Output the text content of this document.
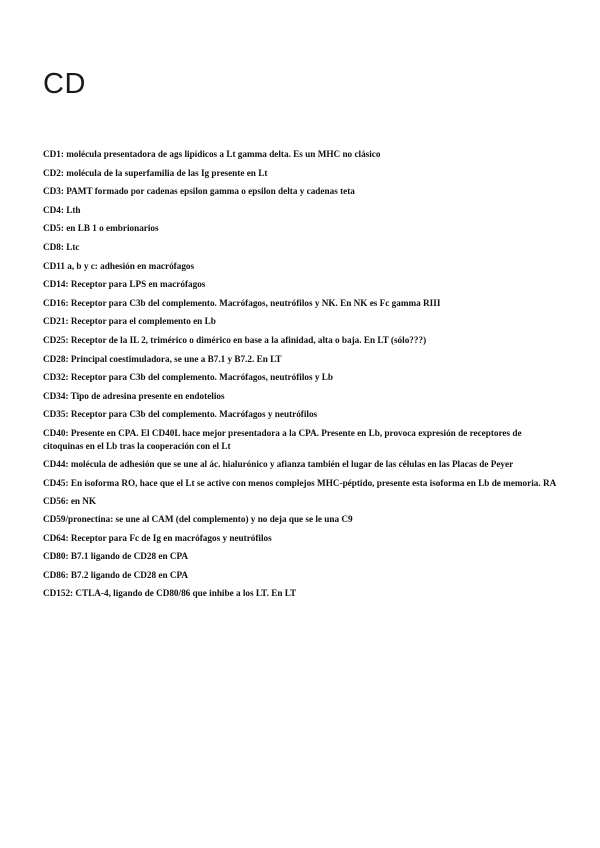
CD
CD1: molécula presentadora de ags lipídicos a Lt gamma delta. Es un MHC no clásico
CD2: molécula de la superfamilia de las Ig presente en Lt
CD3: PAMT formado por cadenas epsilon gamma o epsilon delta y cadenas teta
CD4: Lth
CD5: en LB 1 o embrionarios
CD8: Ltc
CD11 a, b y c: adhesión en macrófagos
CD14: Receptor para LPS en macrófagos
CD16: Receptor para C3b del complemento. Macrófagos, neutrófilos y NK. En NK es Fc gamma RIII
CD21: Receptor para el complemento en Lb
CD25: Receptor de la IL 2, trimérico o dimérico en base a la afinidad, alta o baja. En LT (sólo???)
CD28: Principal coestimuladora, se une a B7.1 y B7.2. En LT
CD32: Receptor para C3b del complemento. Macrófagos, neutrófilos y Lb
CD34: Tipo de adresina presente en endotelios
CD35: Receptor para C3b del complemento. Macrófagos y neutrófilos
CD40: Presente en CPA. El CD40L hace mejor presentadora a la CPA. Presente en Lb, provoca expresión de receptores de citoquinas en el Lb tras la cooperación con el Lt
CD44: molécula de adhesión que se une al ác. hialurónico y afianza también el lugar de las células en las Placas de Peyer
CD45: En isoforma RO, hace que el Lt se active con menos complejos MHC-péptido, presente esta isoforma en Lb de memoria. RA
CD56: en NK
CD59/pronectina: se une al CAM (del complemento) y no deja que se le una C9
CD64: Receptor para Fc de Ig en macrófagos y neutrófilos
CD80: B7.1 ligando de CD28 en CPA
CD86: B7.2 ligando de CD28 en CPA
CD152: CTLA-4, ligando de CD80/86 que inhibe a los LT. En LT
